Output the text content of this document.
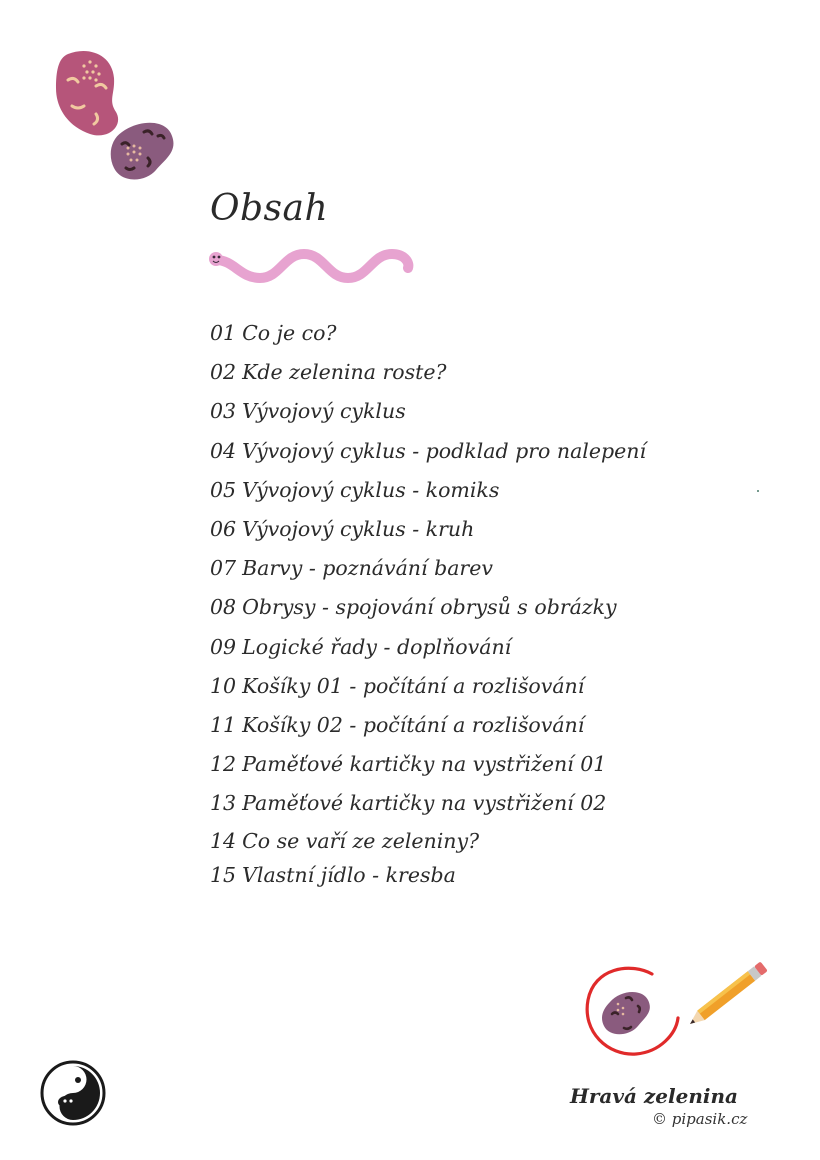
Obsah
01 Co je co?
02 Kde zelenina roste?
03 Vývojový cyklus
04 Vývojový cyklus - podklad pro nalepení
05 Vývojový cyklus - komiks
06 Vývojový cyklus - kruh
07 Barvy - poznávání barev
08 Obrysy - spojování obrysů s obrázky
09 Logické řady - doplňování
10 Košíky 01 - počítání a rozlišování
11 Košíky 02 - počítání a rozlišování
12 Paměťové kartičky na vystřižení 01
13 Paměťové kartičky na vystřižení 02
14 Co se vaří ze zeleniny?
15 Vlastní jídlo - kresba
Hravá zelenina
© pipasik.cz
